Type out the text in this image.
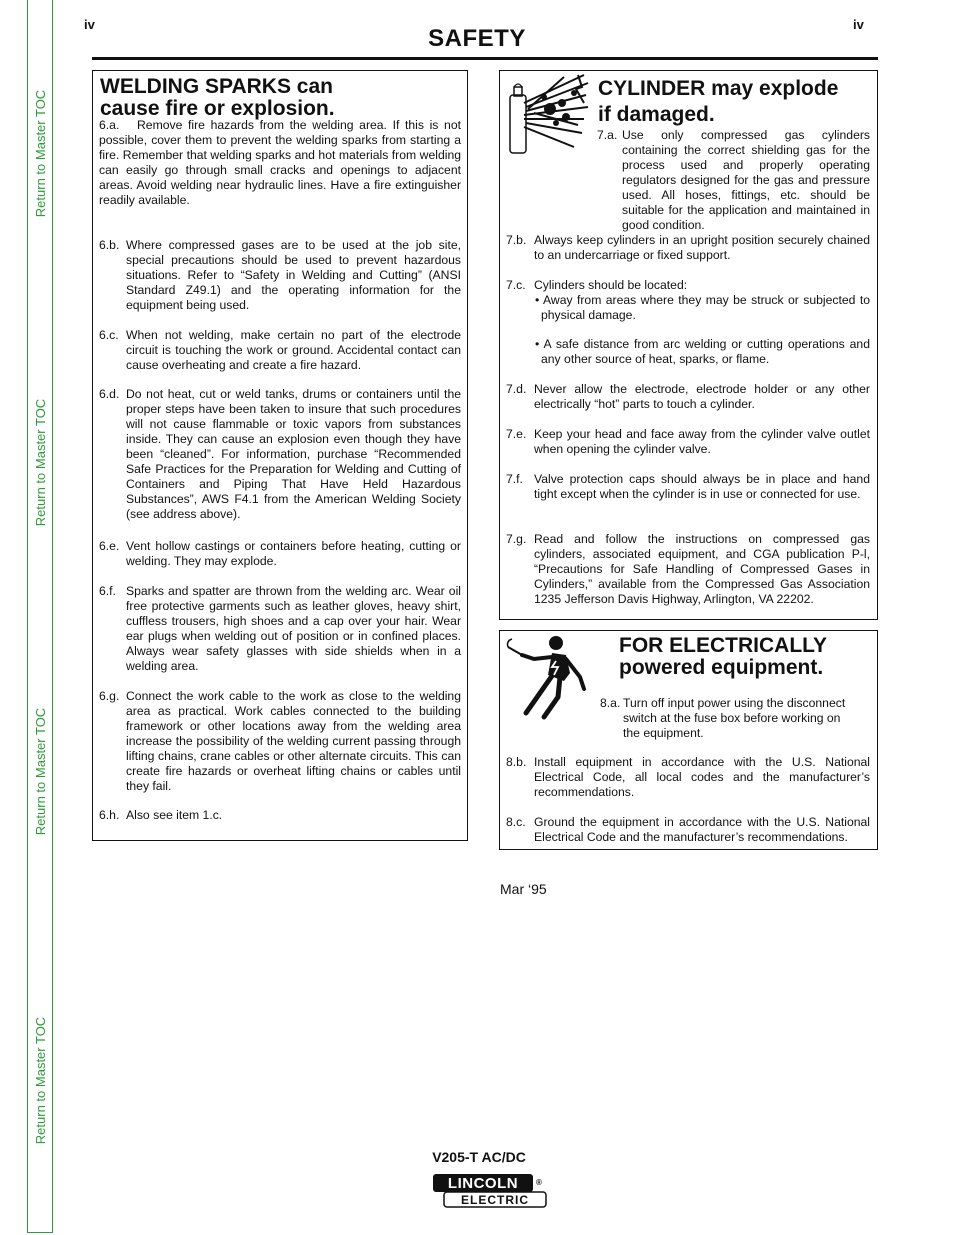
Return to Master TOC
Return to Master TOC
Return to Master TOC
Return to Master TOC
iv	iv
SAFETY
WELDING SPARKS can
cause fire or explosion.
6.a.	Remove fire hazards from the welding area. If this is not possible, cover them to prevent the welding sparks from starting a fire. Remember that welding sparks and hot materials from welding can easily go through small cracks and openings to adjacent areas. Avoid welding near hydraulic lines. Have a fire extinguisher readily available.
6.b. Where compressed gases are to be used at the job site, special precautions should be used to prevent hazardous situations. Refer to “Safety in Welding and Cutting” (ANSI Standard Z49.1) and the operating information for the equipment being used.
6.c. When not welding, make certain no part of the electrode circuit is touching the work or ground. Accidental contact can cause overheating and create a fire hazard.
6.d. Do not heat, cut or weld tanks, drums or containers until the proper steps have been taken to insure that such procedures will not cause flammable or toxic vapors from substances inside. They can cause an explosion even though they have been “cleaned”. For information, purchase “Recommended Safe Practices for the Preparation for Welding and Cutting of Containers and Piping That Have Held Hazardous Substances”, AWS F4.1 from the American Welding Society (see address above).
6.e. Vent hollow castings or containers before heating, cutting or welding. They may explode.
6.f. Sparks and spatter are thrown from the welding arc. Wear oil free protective garments such as leather gloves, heavy shirt, cuffless trousers, high shoes and a cap over your hair. Wear ear plugs when welding out of position or in confined places. Always wear safety glasses with side shields when in a welding area.
6.g. Connect the work cable to the work as close to the welding area as practical. Work cables connected to the building framework or other locations away from the welding area increase the possibility of the welding current passing through lifting chains, crane cables or other alternate circuits. This can create fire hazards or overheat lifting chains or cables until they fail.
6.h. Also see item 1.c.
CYLINDER may explode
if damaged.
7.a. Use only compressed gas cylinders containing the correct shielding gas for the process used and properly operating regulators designed for the gas and pressure used. All hoses, fittings, etc. should be suitable for the application and maintained in good condition.
7.b. Always keep cylinders in an upright position securely chained to an undercarriage or fixed support.
7.c. Cylinders should be located:
• Away from areas where they may be struck or subjected to physical damage.
• A safe distance from arc welding or cutting operations and any other source of heat, sparks, or flame.
7.d. Never allow the electrode, electrode holder or any other electrically “hot” parts to touch a cylinder.
7.e. Keep your head and face away from the cylinder valve outlet when opening the cylinder valve.
7.f. Valve protection caps should always be in place and hand tight except when the cylinder is in use or connected for use.
7.g. Read and follow the instructions on compressed gas cylinders, associated equipment, and CGA publication P-l, “Precautions for Safe Handling of Compressed Gases in Cylinders,” available from the Compressed Gas Association 1235 Jefferson Davis Highway, Arlington, VA 22202.
FOR ELECTRICALLY
powered equipment.
8.a. Turn off input power using the disconnect switch at the fuse box before working on the equipment.
8.b. Install equipment in accordance with the U.S. National Electrical Code, all local codes and the manufacturer’s recommendations.
8.c. Ground the equipment in accordance with the U.S. National Electrical Code and the manufacturer’s recommendations.
Mar ‘95
V205-T AC/DC
LINCOLN
ELECTRIC
®
